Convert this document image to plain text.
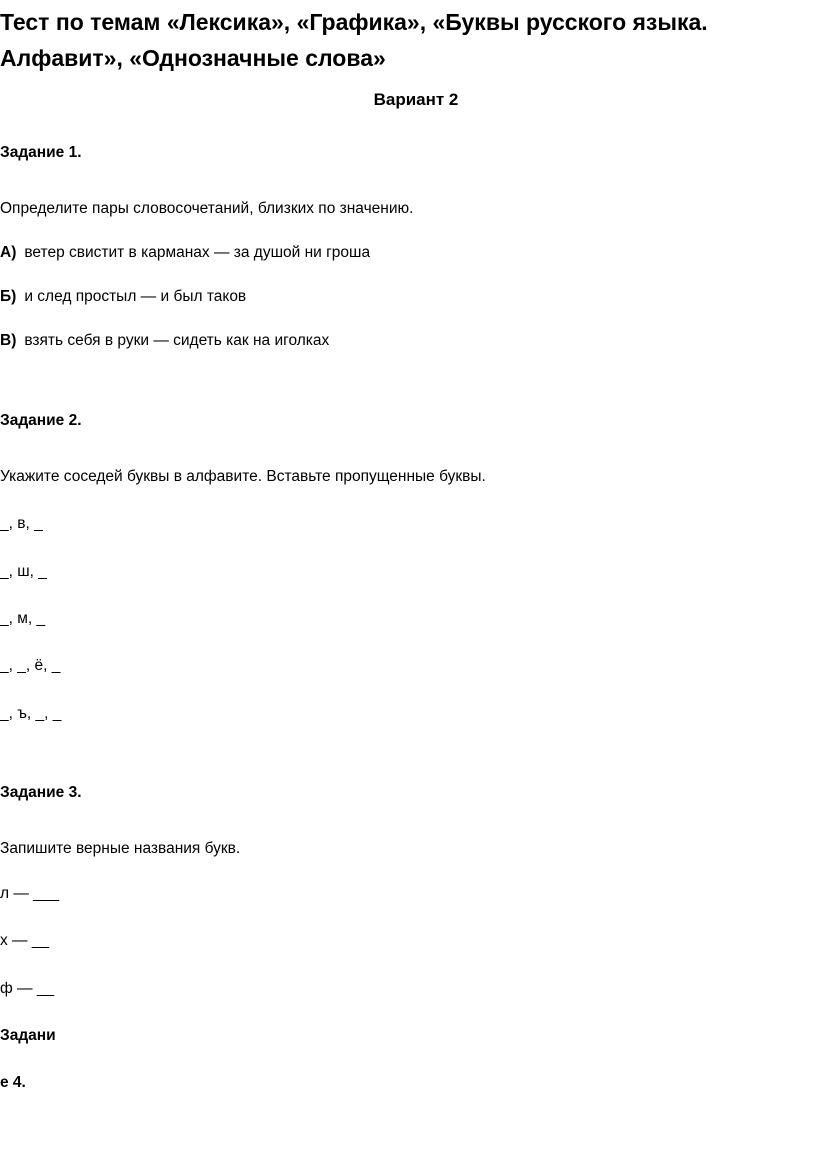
Тест по темам «Лексика», «Графика», «Буквы русского языка.
Алфавит», «Однозначные слова»
Вариант 2
Задание 1.
Определите пары словосочетаний, близких по значению.
А) ветер свистит в карманах — за душой ни гроша
Б) и след простыл — и был таков
В) взять себя в руки — сидеть как на иголках
Задание 2.
Укажите соседей буквы в алфавите. Вставьте пропущенные буквы.
_, в, _
_, ш, _
_, м, _
_, _, ё, _
_, ъ, _, _
Задание 3.
Запишите верные названия букв.
л — ___
х — __
ф — __
Задани
е 4.
